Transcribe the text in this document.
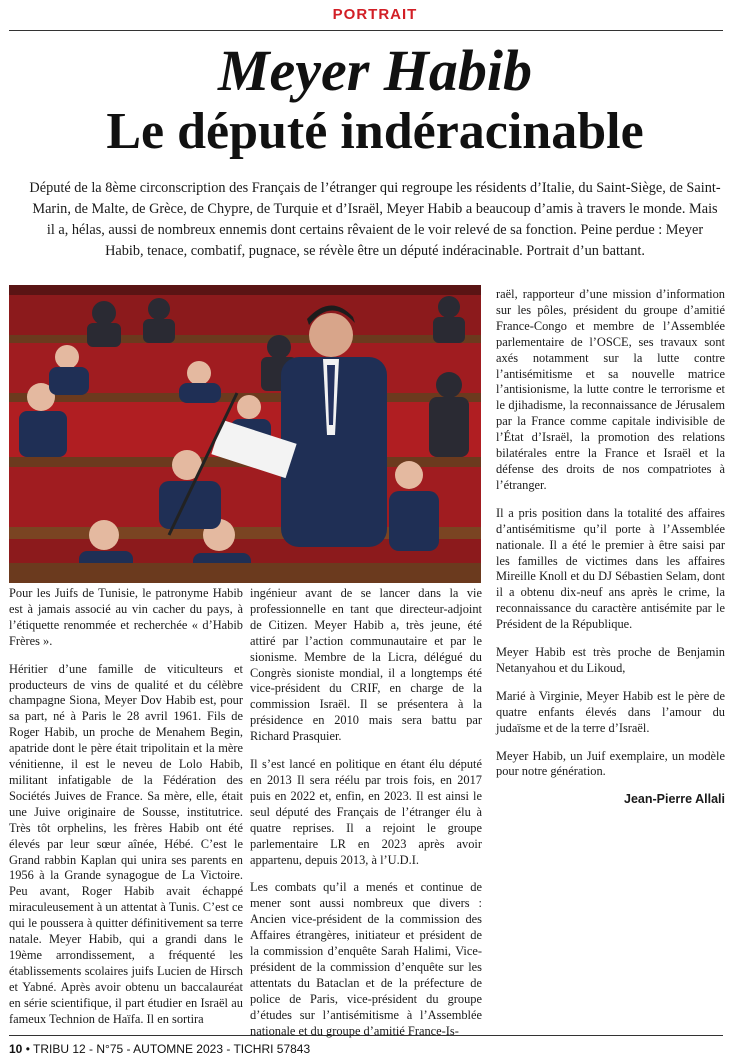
PORTRAIT
Meyer Habib
Le député indéracinable

Député de la 8ème circonscription des Français de l’étranger qui regroupe les résidents d’Italie, du Saint-Siège, de Saint-Marin, de Malte, de Grèce, de Chypre, de Turquie et d’Israël, Meyer Habib a beaucoup d’amis à travers le monde. Mais il a, hélas, aussi de nombreux ennemis dont certains rêvaient de le voir relevé de sa fonction. Peine perdue : Meyer Habib, tenace, combatif, pugnace, se révèle être un député indéracinable. Portrait d’un battant.

Pour les Juifs de Tunisie, le patronyme Habib est à jamais associé au vin cacher du pays, à l’étiquette renommée et recherchée « d’Habib Frères ».

Héritier d’une famille de viticulteurs et producteurs de vins de qualité et du célèbre champagne Siona, Meyer Dov Habib est, pour sa part, né à Paris le 28 avril 1961. Fils de Roger Habib, un proche de Menahem Begin, apatride dont le père était tripolitain et la mère vénitienne, il est le neveu de Lolo Habib, militant infatigable de la Fédération des Sociétés Juives de France. Sa mère, elle, était une Juive originaire de Sousse, institutrice. Très tôt orphelins, les frères Habib ont été élevés par leur sœur aînée, Hébé. C’est le Grand rabbin Kaplan qui unira ses parents en 1956 à la Grande synagogue de La Victoire. Peu avant, Roger Habib avait échappé miraculeusement à un attentat à Tunis. C’est ce qui le poussera à quitter définitivement sa terre natale. Meyer Habib, qui a grandi dans le 19ème arrondissement, a fréquenté les établissements scolaires juifs Lucien de Hirsch et Yabné. Après avoir obtenu un baccalauréat en série scientifique, il part étudier en Israël au fameux Technion de Haïfa. Il en sortira

ingénieur avant de se lancer dans la vie professionnelle en tant que directeur-adjoint de Citizen. Meyer Habib a, très jeune, été attiré par l’action communautaire et par le sionisme. Membre de la Licra, délégué du Congrès sioniste mondial, il a longtemps été vice-président du CRIF, en charge de la commission Israël. Il se présentera à la présidence en 2010 mais sera battu par Richard Prasquier.

Il s’est lancé en politique en étant élu député en 2013 Il sera réélu par trois fois, en 2017 puis en 2022 et, enfin, en 2023. Il est ainsi le seul député des Français de l’étranger élu à quatre reprises. Il a rejoint le groupe parlementaire LR en 2023 après avoir appartenu, depuis 2013, à l’U.D.I.

Les combats qu’il a menés et continue de mener sont aussi nombreux que divers : Ancien vice-président de la commission des Affaires étrangères, initiateur et président de la commission d’enquête Sarah Halimi, Vice-président de la commission d’enquête sur les attentats du Bataclan et de la préfecture de police de Paris, vice-président du groupe d’études sur l’antisémitisme à l’Assemblée nationale et du groupe d’amitié France-Is-

raël, rapporteur d’une mission d’information sur les pôles, président du groupe d’amitié France-Congo et membre de l’Assemblée parlementaire de l’OSCE, ses travaux sont axés notamment sur la lutte contre l’antisémitisme et sa nouvelle matrice l’antisionisme, la lutte contre le terrorisme et le djihadisme, la reconnaissance de Jérusalem par la France comme capitale indivisible de l’État d’Israël, la promotion des relations bilatérales entre la France et Israël et la défense des droits de nos compatriotes à l’étranger.

Il a pris position dans la totalité des affaires d’antisémitisme qu’il porte à l’Assemblée nationale. Il a été le premier à être saisi par les familles de victimes dans les affaires Mireille Knoll et du DJ Sébastien Selam, dont il a obtenu dix-neuf ans après le crime, la reconnaissance du caractère antisémite par le Président de la République.

Meyer Habib est très proche de Benjamin Netanyahou et du Likoud,

Marié à Virginie, Meyer Habib est le père de quatre enfants élevés dans l’amour du judaïsme et de la terre d’Israël.

Meyer Habib, un Juif exemplaire, un modèle pour notre génération.

Jean-Pierre Allali
10 • TRIBU 12 - N°75 - AUTOMNE 2023 - TICHRI 57843
